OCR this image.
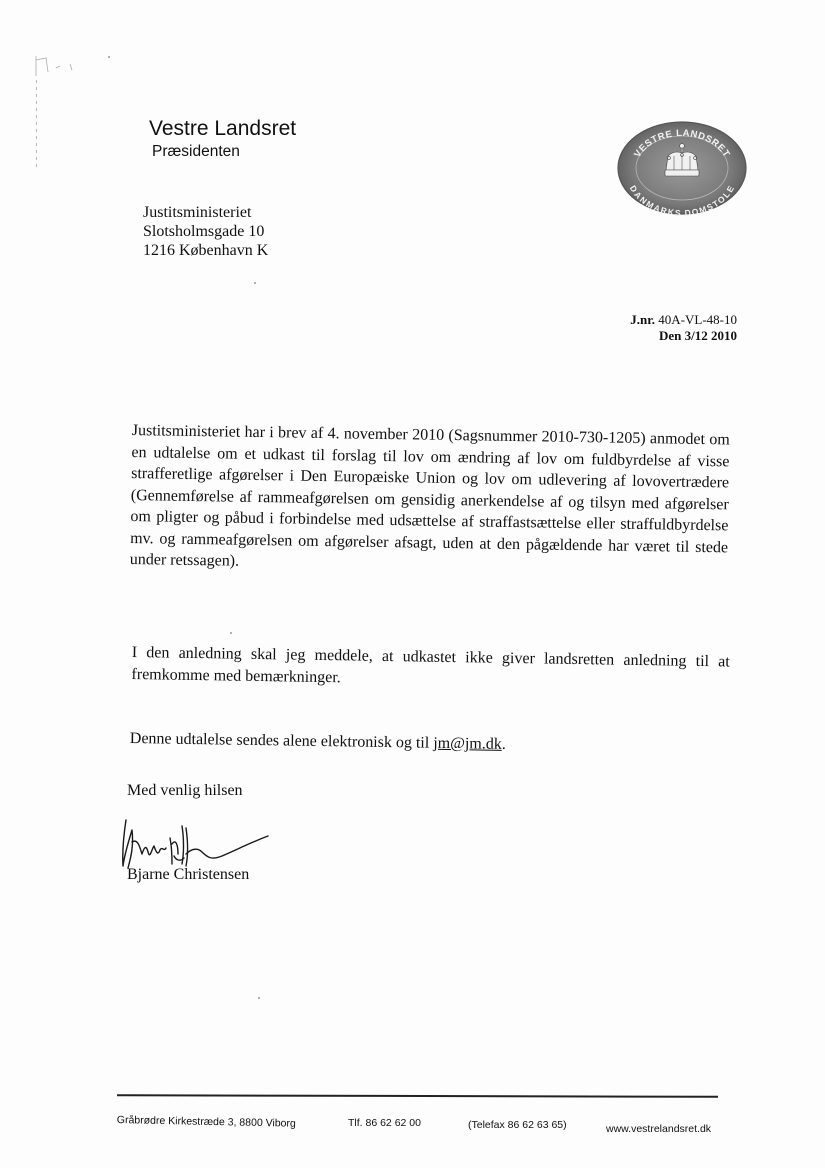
Vestre Landsret
Præsidenten	VESTRE LANDSRET
DANMARKS DOMSTOLE
Justitsministeriet
Slotsholmsgade 10
1216 København K
J.nr. 40A-VL-48-10
Den 3/12 2010
Justitsministeriet har i brev af 4. november 2010 (Sagsnummer 2010-730-1205) anmodet om en udtalelse om et udkast til forslag til lov om ændring af lov om fuldbyrdelse af visse strafferetlige afgørelser i Den Europæiske Union og lov om udlevering af lovovertrædere (Gennemførelse af rammeafgørelsen om gensidig anerkendelse af og tilsyn med afgørelser om pligter og påbud i forbindelse med udsættelse af straffastsættelse eller straffuldbyrdelse mv. og rammeafgørelsen om afgørelser afsagt, uden at den pågældende har været til stede under retssagen).
I den anledning skal jeg meddele, at udkastet ikke giver landsretten anledning til at fremkomme med bemærkninger.
Denne udtalelse sendes alene elektronisk og til jm@jm.dk.
Med venlig hilsen
Bjarne Christensen
Gråbrødre Kirkestræde 3, 8800 Viborg	Tlf. 86 62 62 00	(Telefax 86 62 63 65)	www.vestrelandsret.dk
